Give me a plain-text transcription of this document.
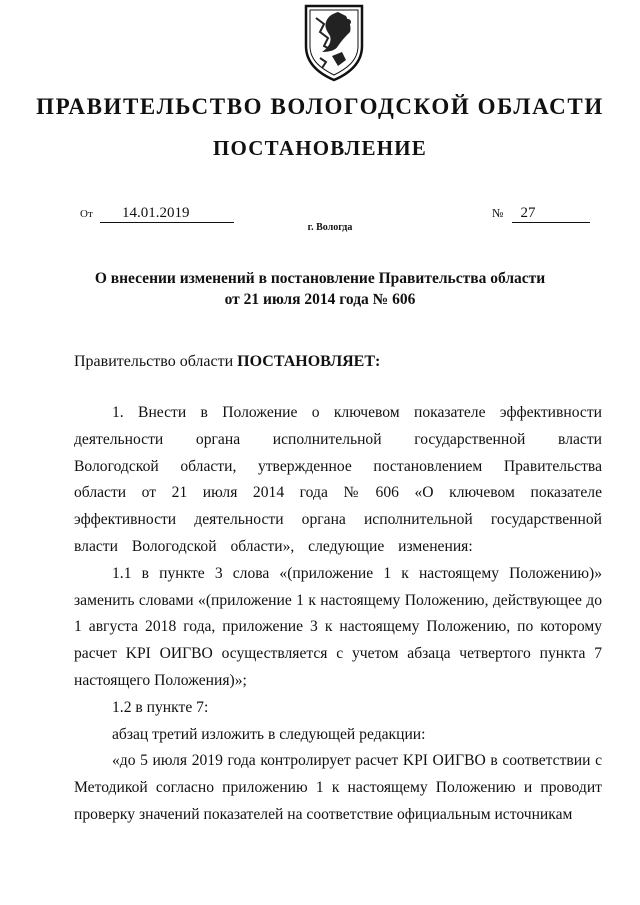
ПРАВИТЕЛЬСТВО ВОЛОГОДСКОЙ ОБЛАСТИ
ПОСТАНОВЛЕНИЕ
От 14.01.2019	№ 27
г. Вологда
О внесении изменений в постановление Правительства области
от 21 июля 2014 года № 606
Правительство области ПОСТАНОВЛЯЕТ:

1. Внести в Положение о ключевом показателе эффективности деятельности органа исполнительной государственной власти Вологодской области, утвержденное постановлением Правительства области от 21 июля 2014 года № 606 «О ключевом показателе эффективности деятельности органа исполнительной государственной власти Вологодской области», следующие изменения:

1.1 в пункте 3 слова «(приложение 1 к настоящему Положению)» заменить словами «(приложение 1 к настоящему Положению, действующее до 1 августа 2018 года, приложение 3 к настоящему Положению, по которому расчет KPI ОИГВО осуществляется с учетом абзаца четвертого пункта 7 настоящего Положения)»;

1.2 в пункте 7:

абзац третий изложить в следующей редакции:

«до 5 июля 2019 года контролирует расчет KPI ОИГВО в соответствии с Методикой согласно приложению 1 к настоящему Положению и проводит проверку значений показателей на соответствие официальным источникам
